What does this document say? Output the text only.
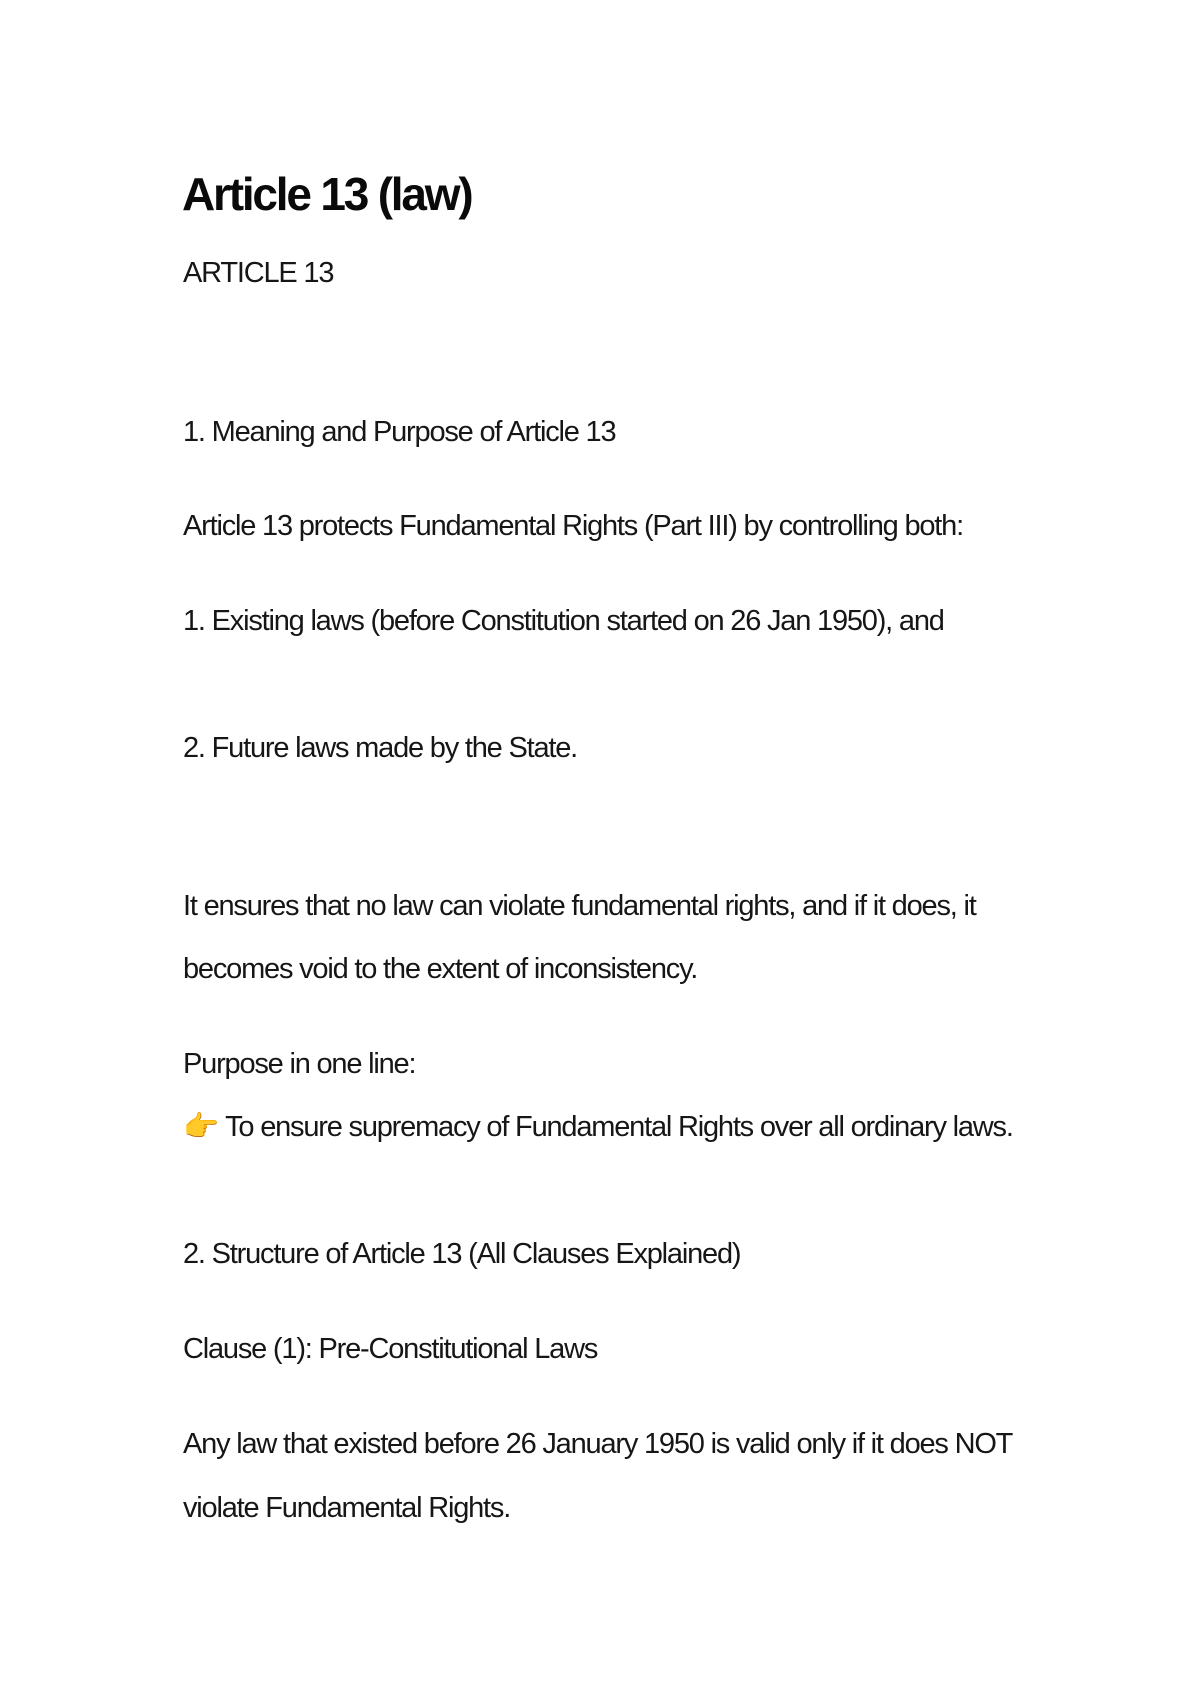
Article 13 (law)
ARTICLE 13
1. Meaning and Purpose of Article 13
Article 13 protects Fundamental Rights (Part III) by controlling both:
1. Existing laws (before Constitution started on 26 Jan 1950), and
2. Future laws made by the State.
It ensures that no law can violate fundamental rights, and if it does, it
becomes void to the extent of inconsistency.
Purpose in one line:
👉 To ensure supremacy of Fundamental Rights over all ordinary laws.
2. Structure of Article 13 (All Clauses Explained)
Clause (1): Pre-Constitutional Laws
Any law that existed before 26 January 1950 is valid only if it does NOT
violate Fundamental Rights.
